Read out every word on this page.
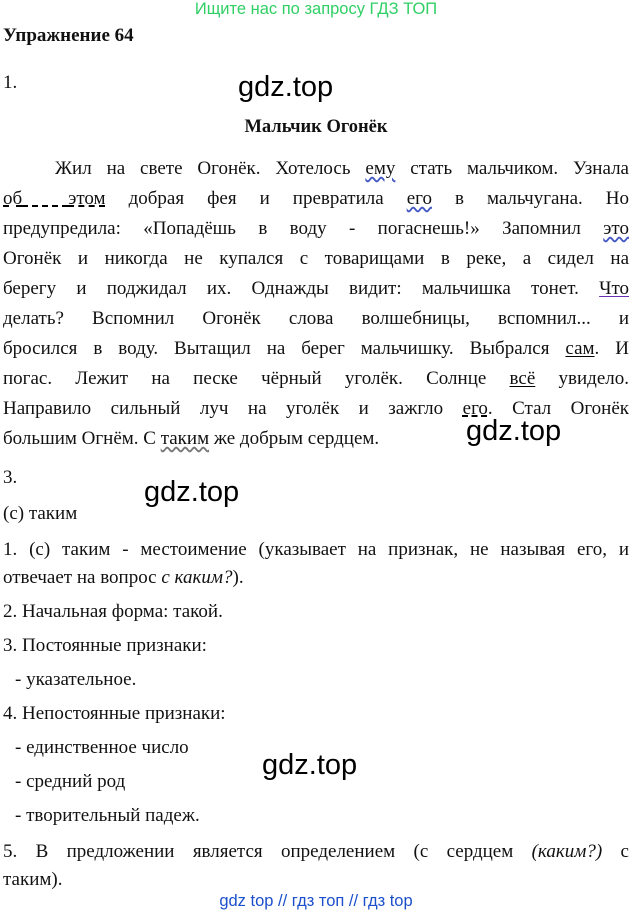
Ищите нас по запросу ГДЗ ТОП
Упражнение 64
1.	gdz.top
Мальчик Огонёк
Жил на свете Огонёк. Хотелось ему стать мальчиком. Узнала
об этом добрая фея и превратила его в мальчугана. Но
предупредила: «Попадёшь в воду - погаснешь!» Запомнил это
Огонёк и никогда не купался с товарищами в реке, а сидел на
берегу и поджидал их. Однажды видит: мальчишка тонет. Что
делать? Вспомнил Огонёк слова волшебницы, вспомнил... и
бросился в воду. Вытащил на берег мальчишку. Выбрался сам. И
погас. Лежит на песке чёрный уголёк. Солнце всё увидело.
Направило сильный луч на уголёк и зажгло его. Стал Огонёк
большим Огнём. С таким же добрым сердцем.	gdz.top
3.	gdz.top
(с) таким
1. (с) таким - местоимение (указывает на признак, не называя его, и
отвечает на вопрос с каким?).
2. Начальная форма: такой.
3. Постоянные признаки:
- указательное.
4. Непостоянные признаки:
- единственное число
- средний род
gdz.top
- творительный падеж.
5. В предложении является определением (с сердцем (каким?) с
таким).
gdz top // гдз топ // гдз top
